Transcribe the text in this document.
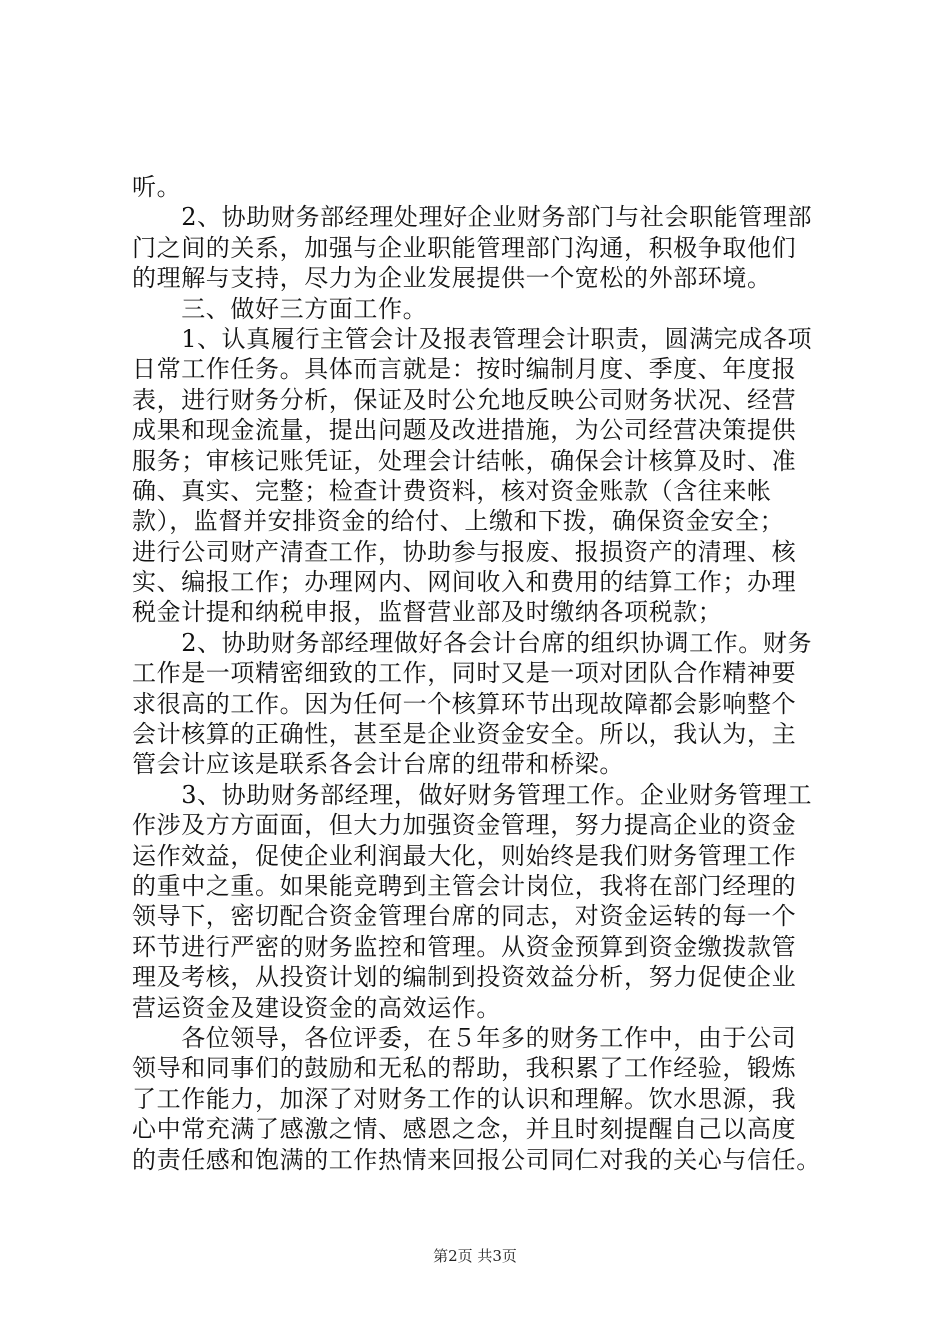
听。
　　2、协助财务部经理处理好企业财务部门与社会职能管理部
门之间的关系，加强与企业职能管理部门沟通，积极争取他们
的理解与支持，尽力为企业发展提供一个宽松的外部环境。
　　三、做好三方面工作。
　　1、认真履行主管会计及报表管理会计职责，圆满完成各项
日常工作任务。具体而言就是：按时编制月度、季度、年度报
表，进行财务分析，保证及时公允地反映公司财务状况、经营
成果和现金流量，提出问题及改进措施，为公司经营决策提供
服务；审核记账凭证，处理会计结帐，确保会计核算及时、准
确、真实、完整；检查计费资料，核对资金账款（含往来帐
款），监督并安排资金的给付、上缴和下拨，确保资金安全；
进行公司财产清查工作，协助参与报废、报损资产的清理、核
实、编报工作；办理网内、网间收入和费用的结算工作；办理
税金计提和纳税申报，监督营业部及时缴纳各项税款；
　　2、协助财务部经理做好各会计台席的组织协调工作。财务
工作是一项精密细致的工作，同时又是一项对团队合作精神要
求很高的工作。因为任何一个核算环节出现故障都会影响整个
会计核算的正确性，甚至是企业资金安全。所以，我认为，主
管会计应该是联系各会计台席的纽带和桥梁。
　　3、协助财务部经理，做好财务管理工作。企业财务管理工
作涉及方方面面，但大力加强资金管理，努力提高企业的资金
运作效益，促使企业利润最大化，则始终是我们财务管理工作
的重中之重。如果能竞聘到主管会计岗位，我将在部门经理的
领导下，密切配合资金管理台席的同志，对资金运转的每一个
环节进行严密的财务监控和管理。从资金预算到资金缴拨款管
理及考核，从投资计划的编制到投资效益分析，努力促使企业
营运资金及建设资金的高效运作。
　　各位领导，各位评委，在５年多的财务工作中，由于公司
领导和同事们的鼓励和无私的帮助，我积累了工作经验，锻炼
了工作能力，加深了对财务工作的认识和理解。饮水思源，我
心中常充满了感激之情、感恩之念，并且时刻提醒自己以高度
的责任感和饱满的工作热情来回报公司同仁对我的关心与信任。
第2页 共3页
